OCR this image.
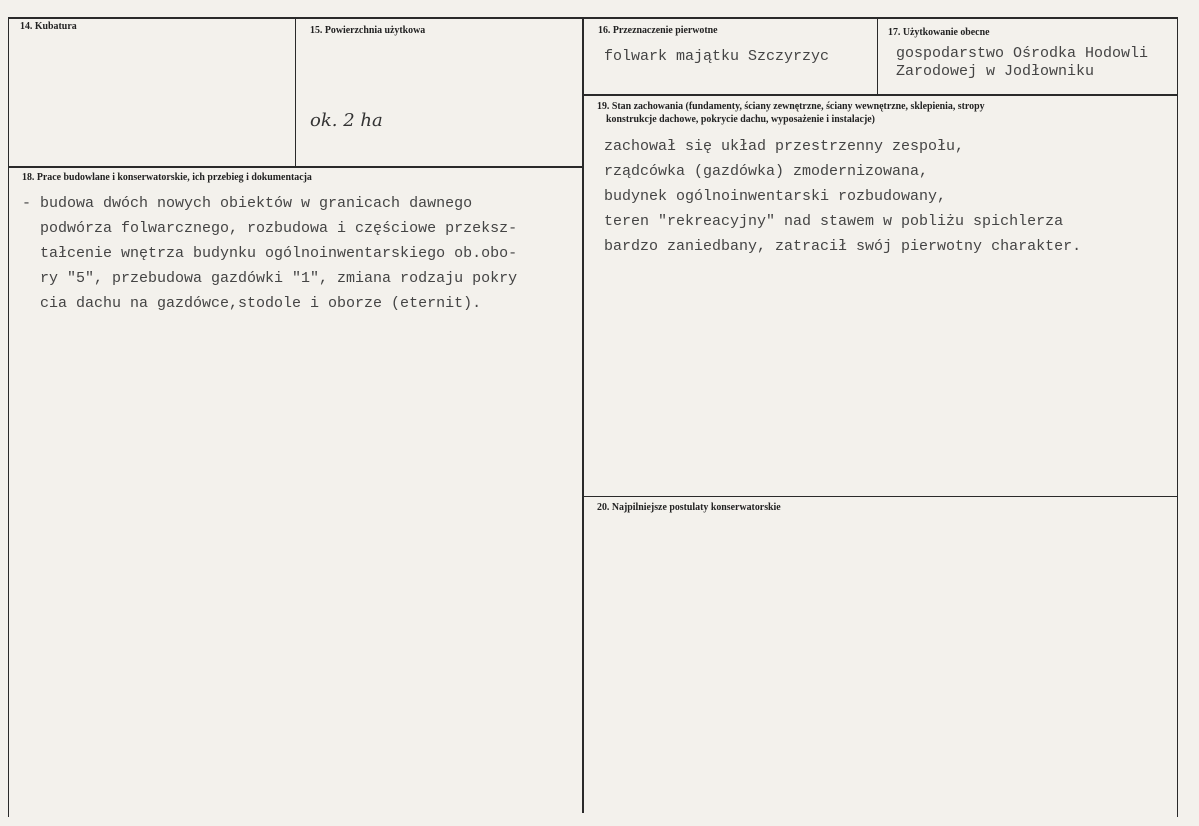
14. Kubatura	15. Powierzchnia użytkowa
ok. 2 ha
16. Przeznaczenie pierwotne
folwark majątku Szczyrzyc
17. Użytkowanie obecne
gospodarstwo Ośrodka Hodowli
Zarodowej w Jodłowniku
18. Prace budowlane i konserwatorskie, ich przebieg i dokumentacja
- budowa dwóch nowych obiektów w granicach dawnego
podwórza folwarcznego, rozbudowa i częściowe przeksz-
tałcenie wnętrza budynku ogólnoinwentarskiego ob.obo-
ry "5", przebudowa gazdówki "1", zmiana rodzaju pokry
cia dachu na gazdówce,stodole i oborze (eternit).
19. Stan zachowania (fundamenty, ściany zewnętrzne, ściany wewnętrzne, sklepienia, stropy
konstrukcje dachowe, pokrycie dachu, wyposażenie i instalacje)
zachował się układ przestrzenny zespołu,
rządcówka (gazdówka) zmodernizowana,
budynek ogólnoinwentarski rozbudowany,
teren "rekreacyjny" nad stawem w pobliżu spichlerza
bardzo zaniedbany, zatracił swój pierwotny charakter.
20. Najpilniejsze postulaty konserwatorskie
